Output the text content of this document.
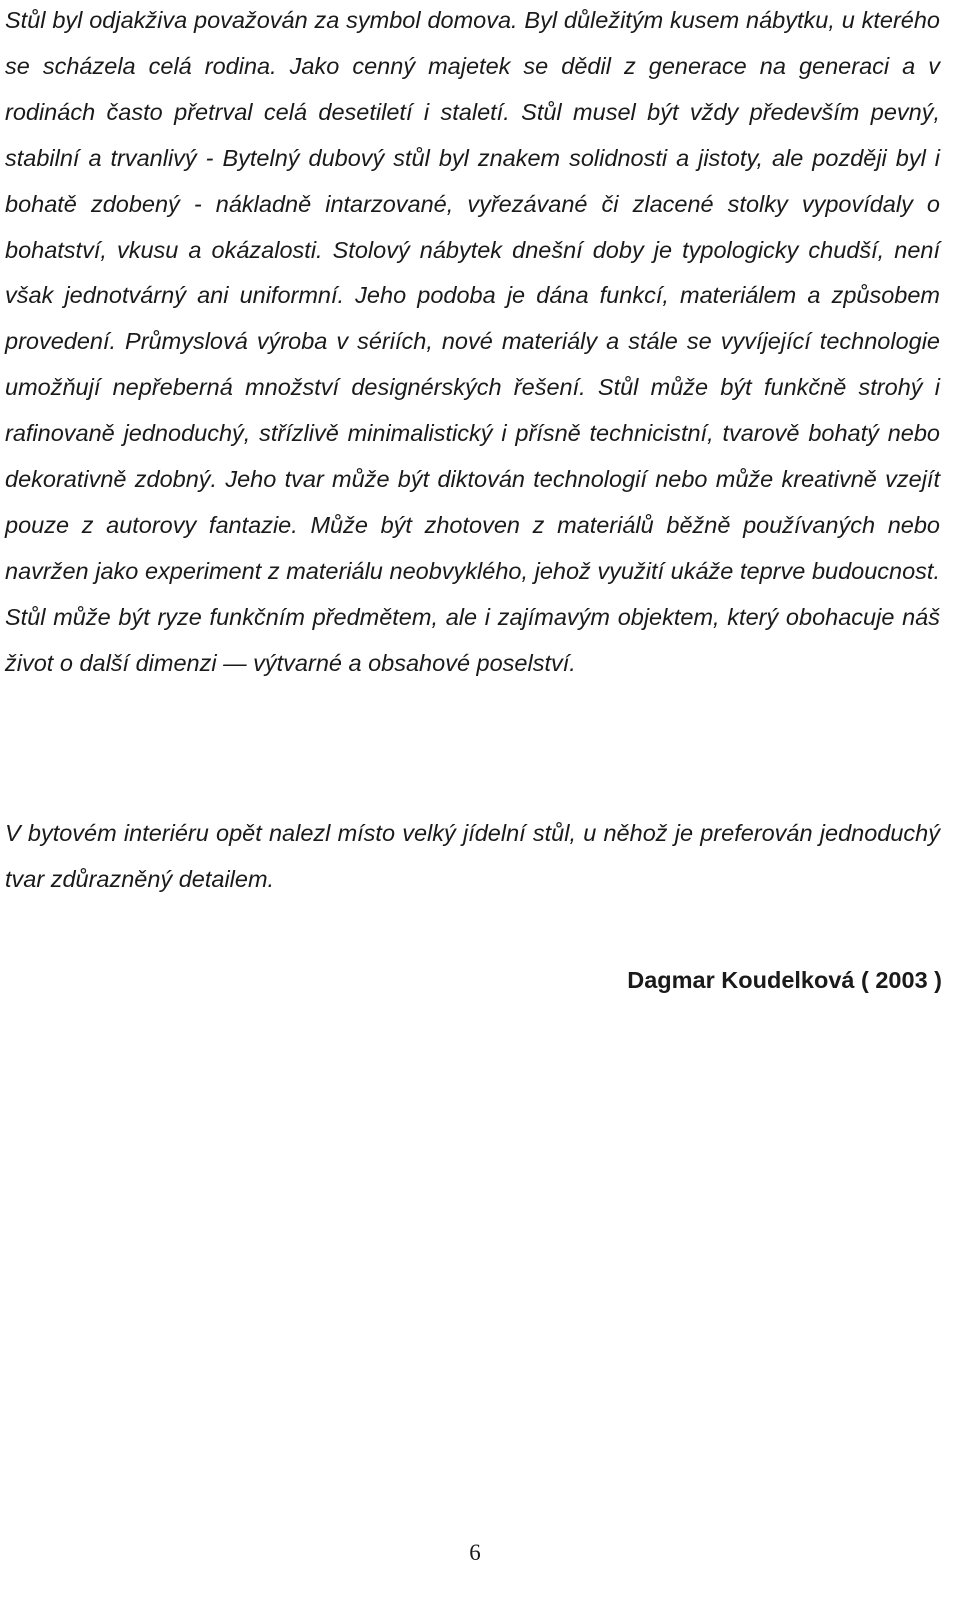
Stůl byl odjakživa považován za symbol domova. Byl důležitým kusem nábytku, u kterého se scházela celá rodina. Jako cenný majetek se dědil z generace na generaci a v rodinách často přetrval celá desetiletí i staletí. Stůl musel být vždy především pevný, stabilní a trvanlivý - Bytelný dubový stůl byl znakem solidnosti a jistoty, ale později byl i bohatě zdobený - nákladně intarzované, vyřezávané či zlacené stolky vypovídaly o bohatství, vkusu a okázalosti. Stolový nábytek dnešní doby je typologicky chudší, není však jednotvárný ani uniformní. Jeho podoba je dána funkcí, materiálem a způsobem provedení. Průmyslová výroba v sériích, nové materiály a stále se vyvíjející technologie umožňují nepřeberná množství designérských řešení. Stůl může být funkčně strohý i rafinovaně jednoduchý, střízlivě minimalistický i přísně technicistní, tvarově bohatý nebo dekorativně zdobný. Jeho tvar může být diktován technologií nebo může kreativně vzejít pouze z autorovy fantazie. Může být zhotoven z materiálů běžně používaných nebo navržen jako experiment z materiálu neobvyklého, jehož využití ukáže teprve budoucnost. Stůl může být ryze funkčním předmětem, ale i zajímavým objektem, který obohacuje náš život o další dimenzi — výtvarné a obsahové poselství.

V bytovém interiéru opět nalezl místo velký jídelní stůl, u něhož je preferován jednoduchý tvar zdůrazněný detailem.

Dagmar Koudelková ( 2003 )

6
